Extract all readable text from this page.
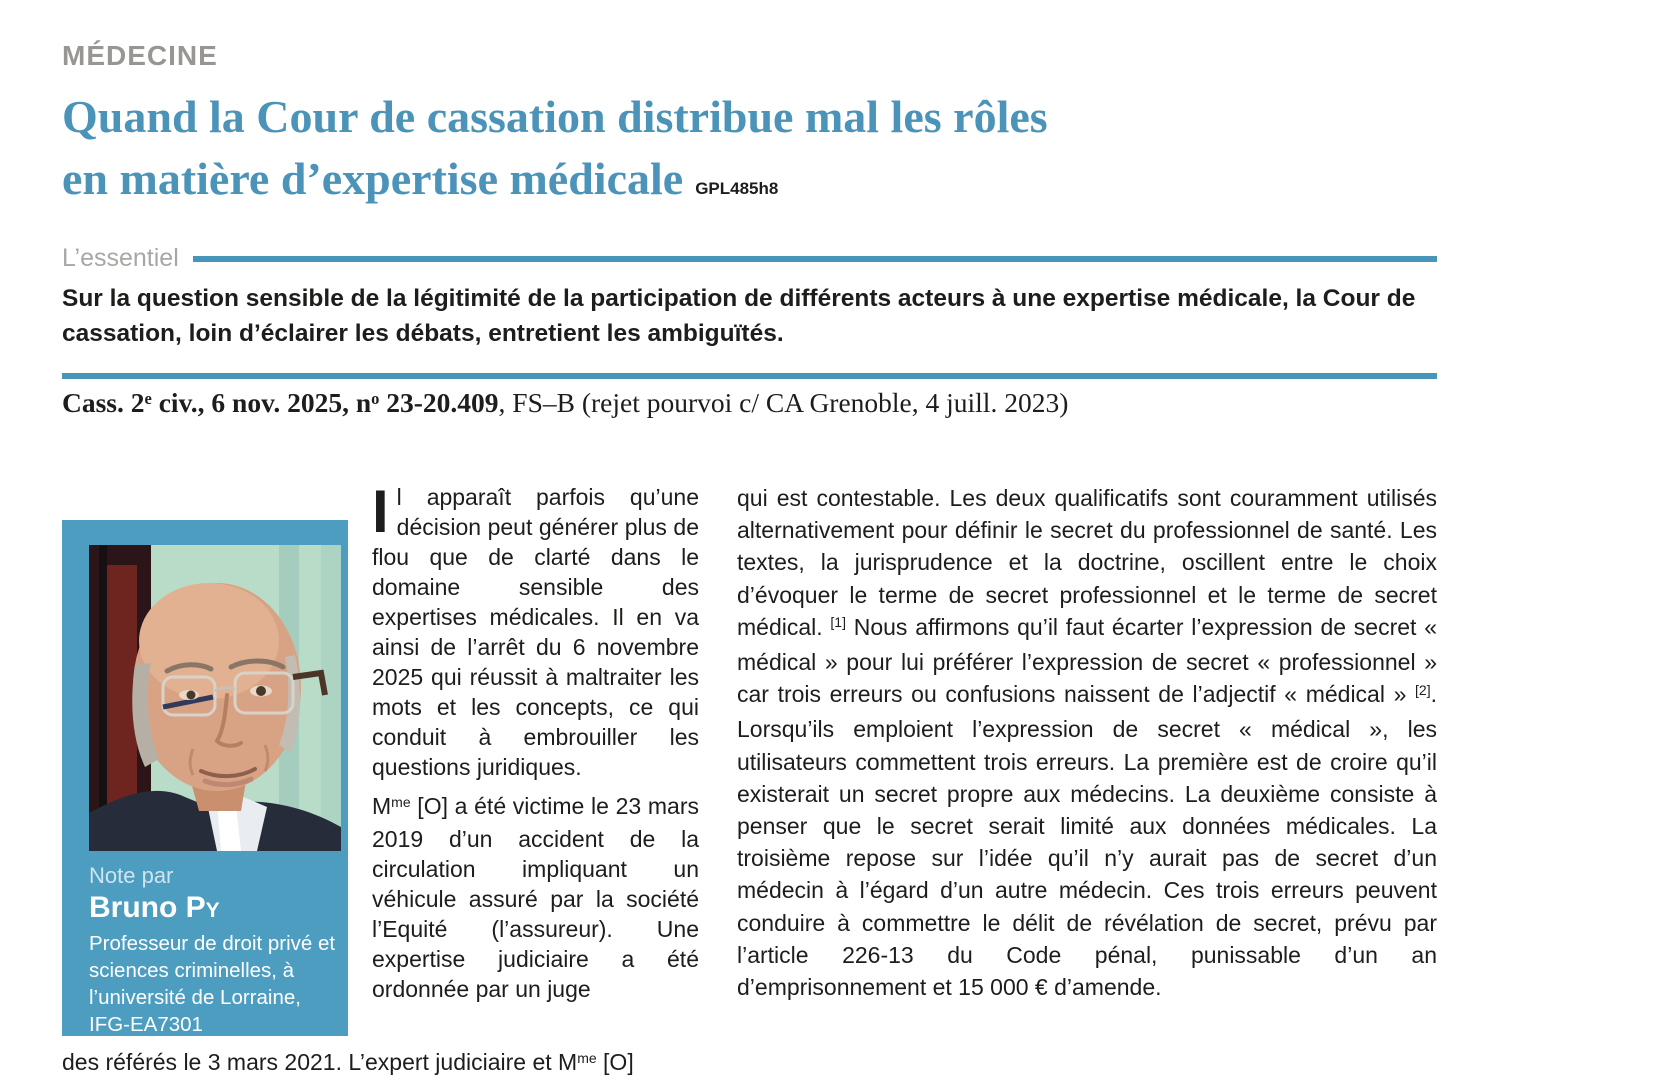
MÉDECINE
Quand la Cour de cassation distribue mal les rôles
en matière d’expertise médicale GPL485h8
L’essentiel
Sur la question sensible de la légitimité de la participation de différents acteurs à une expertise médicale, la Cour de cassation, loin d’éclairer les débats, entretient les ambiguïtés.
Cass. 2e civ., 6 nov. 2025, $n^o$ 23-20.409, FS–B (rejet pourvoi c/ CA Grenoble, 4 juill. 2023)
Note par
Bruno Py
Professeur de droit privé et sciences criminelles, à l’université de Lorraine, IFG-EA7301

Il apparaît parfois qu’une décision peut générer plus de flou que de clarté dans le domaine sensible des expertises médicales. Il en va ainsi de l’arrêt du 6 novembre 2025 qui réussit à maltraiter les mots et les concepts, ce qui conduit à embrouiller les questions juridiques.

$M^{me}$ [O] a été victime le 23 mars 2019 d’un accident de la circulation impliquant un véhicule assuré par la société l’Equité (l’assureur). Une expertise judiciaire a été ordonnée par un juge

des référés le 3 mars 2021. L’expert judiciaire et $M^{me}$ [O]

qui est contestable. Les deux qualificatifs sont couramment utilisés alternativement pour définir le secret du professionnel de santé. Les textes, la jurisprudence et la doctrine, oscillent entre le choix d’évoquer le terme de secret professionnel et le terme de secret médical. [1] Nous affirmons qu’il faut écarter l’expression de secret « médical » pour lui préférer l’expression de secret « professionnel » car trois erreurs ou confusions naissent de l’adjectif « médical » [2]. Lorsqu’ils emploient l’expression de secret « médical », les utilisateurs commettent trois erreurs. La première est de croire qu’il existerait un secret propre aux médecins. La deuxième consiste à penser que le secret serait limité aux données médicales. La troisième repose sur l’idée qu’il n’y aurait pas de secret d’un médecin à l’égard d’un autre médecin. Ces trois erreurs peuvent conduire à commettre le délit de révélation de secret, prévu par l’article 226-13 du Code pénal, punissable d’un an d’emprisonnement et 15 000 € d’amende.
